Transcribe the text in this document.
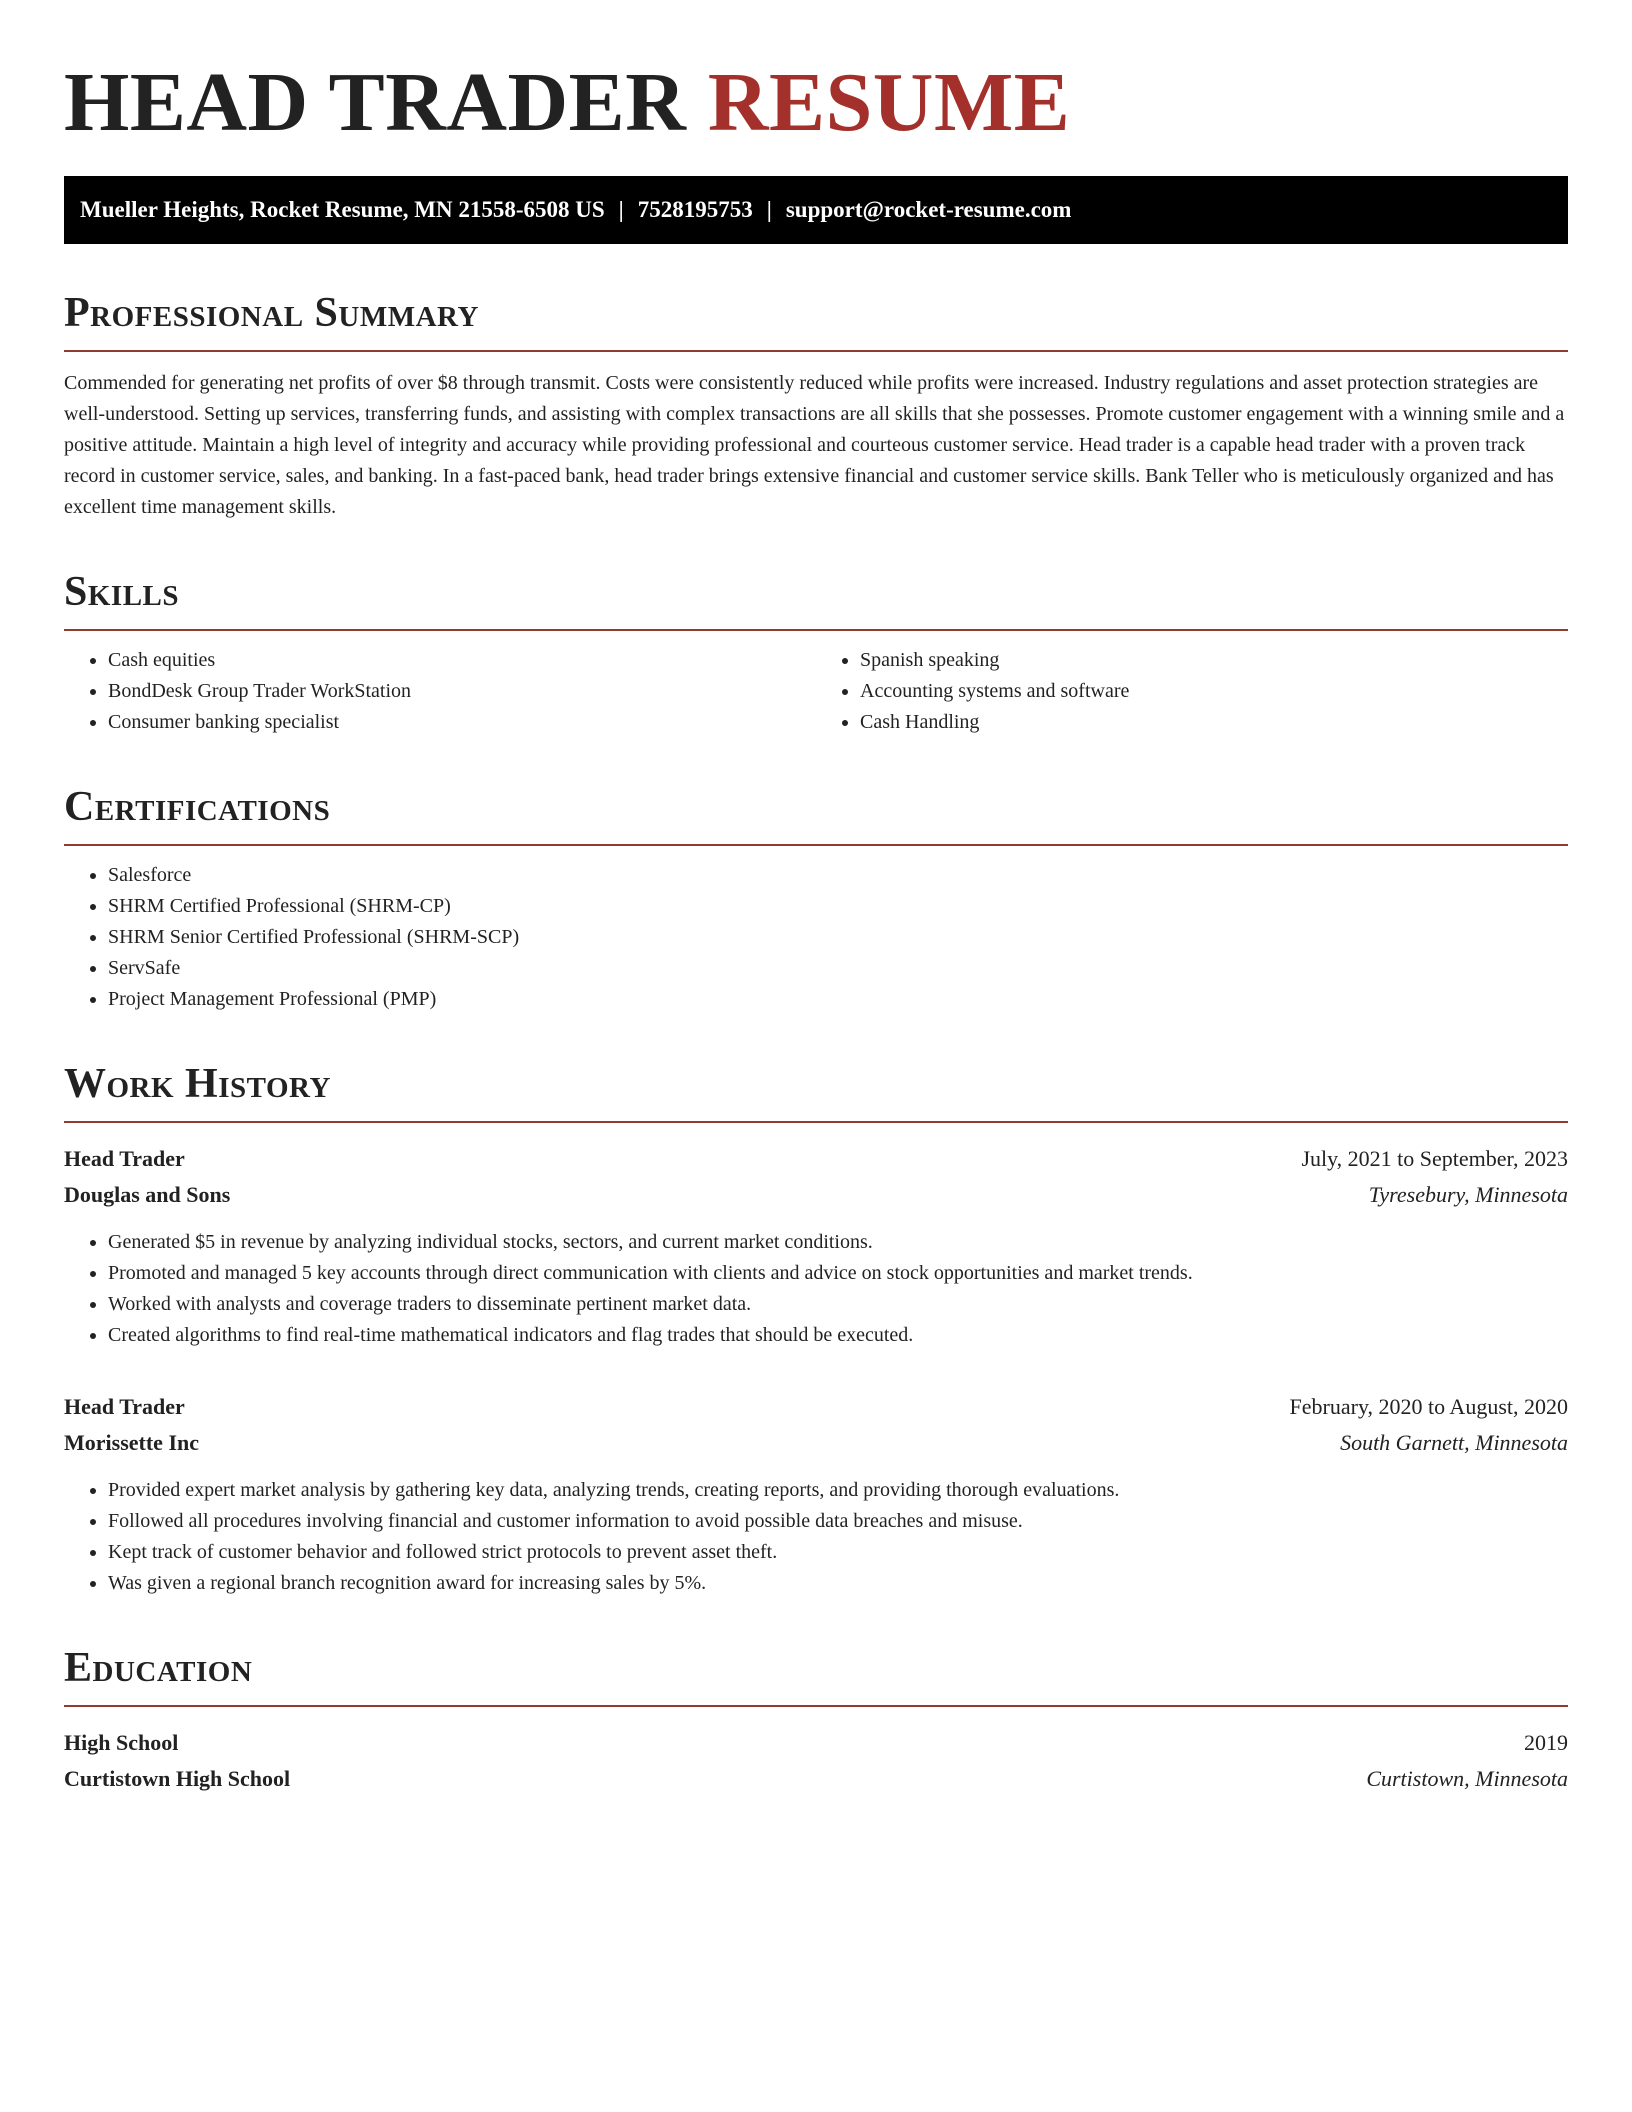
HEAD TRADER RESUME
Mueller Heights, Rocket Resume, MN 21558-6508 US | 7528195753 | support@rocket-resume.com
Professional Summary

Commended for generating net profits of over $8 through transmit. Costs were consistently reduced while profits were increased. Industry regulations and asset protection strategies are well-understood. Setting up services, transferring funds, and assisting with complex transactions are all skills that she possesses. Promote customer engagement with a winning smile and a positive attitude. Maintain a high level of integrity and accuracy while providing professional and courteous customer service. Head trader is a capable head trader with a proven track record in customer service, sales, and banking. In a fast-paced bank, head trader brings extensive financial and customer service skills. Bank Teller who is meticulously organized and has excellent time management skills.

Skills
• Cash equities
• BondDesk Group Trader WorkStation
• Consumer banking specialist
• Spanish speaking
• Accounting systems and software
• Cash Handling
Certifications
• Salesforce
• SHRM Certified Professional (SHRM-CP)
• SHRM Senior Certified Professional (SHRM-SCP)
• ServSafe
• Project Management Professional (PMP)
Work History
Head Trader	July, 2021 to September, 2023
Douglas and Sons	Tyresebury, Minnesota
• Generated $5 in revenue by analyzing individual stocks, sectors, and current market conditions.
• Promoted and managed 5 key accounts through direct communication with clients and advice on stock opportunities and market trends.
• Worked with analysts and coverage traders to disseminate pertinent market data.
• Created algorithms to find real-time mathematical indicators and flag trades that should be executed.
Head Trader	February, 2020 to August, 2020
Morissette Inc	South Garnett, Minnesota
• Provided expert market analysis by gathering key data, analyzing trends, creating reports, and providing thorough evaluations.
• Followed all procedures involving financial and customer information to avoid possible data breaches and misuse.
• Kept track of customer behavior and followed strict protocols to prevent asset theft.
• Was given a regional branch recognition award for increasing sales by 5%.
Education
High School	2019
Curtistown High School	Curtistown, Minnesota
